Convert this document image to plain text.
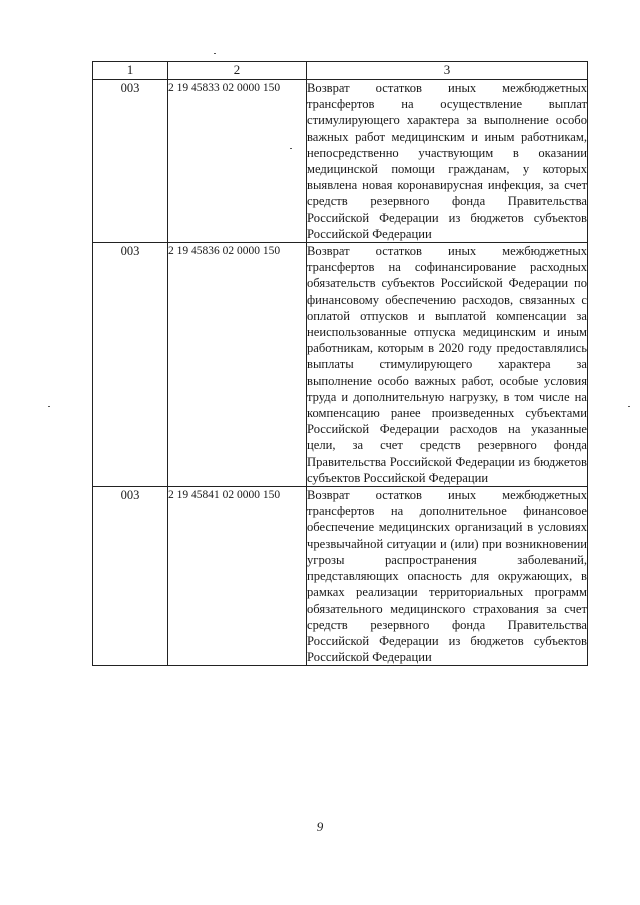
1	2	3
003	2 19 45833 02 0000 150	Возврат остатков иных межбюджетных трансфертов на осуществление выплат стимулирующего характера за выполнение особо важных работ медицинским и иным работникам, непосредственно участвующим в оказании медицинской помощи гражданам, у которых выявлена новая коронавирусная инфекция, за счет средств резервного фонда Правительства Российской Федерации из бюджетов субъектов Российской Федерации
003	2 19 45836 02 0000 150	Возврат остатков иных межбюджетных трансфертов на софинансирование расходных обязательств субъектов Российской Федерации по финансовому обеспечению расходов, связанных с оплатой отпусков и выплатой компенсации за неиспользованные отпуска медицинским и иным работникам, которым в 2020 году предоставлялись выплаты стимулирующего характера за выполнение особо важных работ, особые условия труда и дополнительную нагрузку, в том числе на компенсацию ранее произведенных субъектами Российской Федерации расходов на указанные цели, за счет средств резервного фонда Правительства Российской Федерации из бюджетов субъектов Российской Федерации
003	2 19 45841 02 0000 150	Возврат остатков иных межбюджетных трансфертов на дополнительное финансовое обеспечение медицинских организаций в условиях чрезвычайной ситуации и (или) при возникновении угрозы распространения заболеваний, представляющих опасность для окружающих, в рамках реализации территориальных программ обязательного медицинского страхования за счет средств резервного фонда Правительства Российской Федерации из бюджетов субъектов Российской Федерации
9
